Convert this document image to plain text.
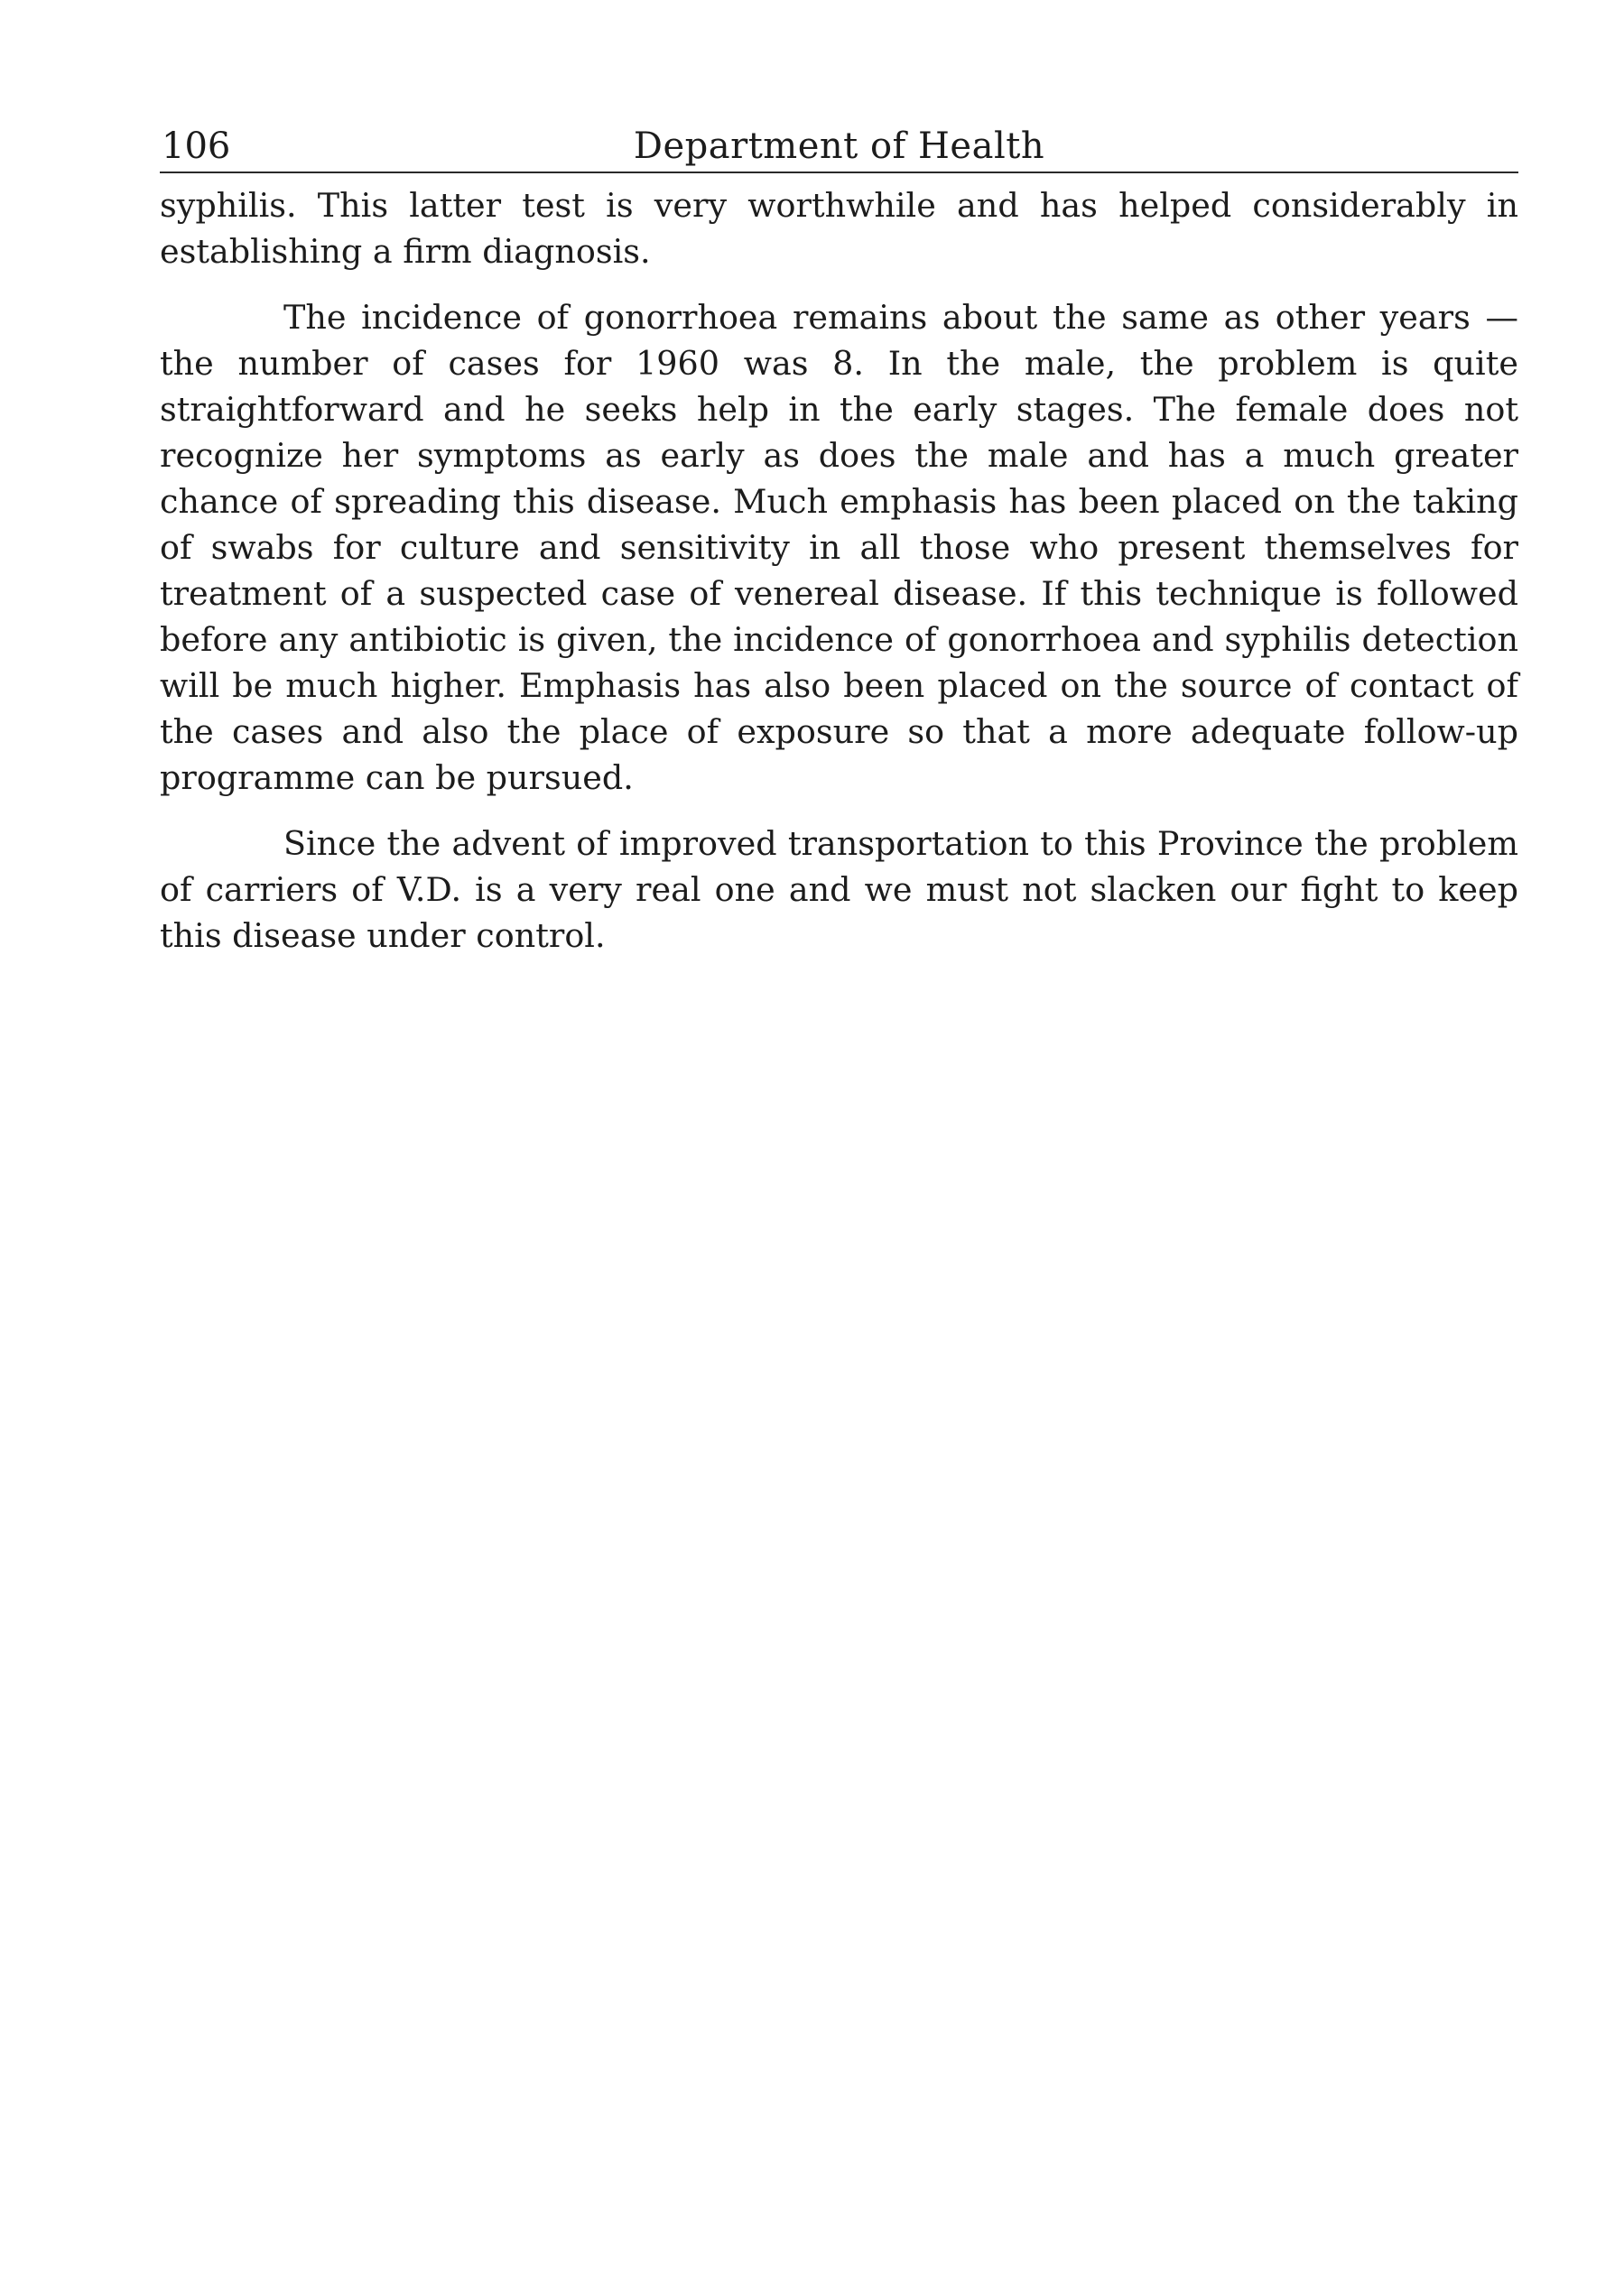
106	Department of Health

syphilis. This latter test is very worthwhile and has helped considerably in establishing a firm diagnosis.

The incidence of gonorrhoea remains about the same as other years — the number of cases for 1960 was 8. In the male, the problem is quite straightforward and he seeks help in the early stages. The female does not recognize her symptoms as early as does the male and has a much greater chance of spreading this disease. Much emphasis has been placed on the taking of swabs for culture and sensitivity in all those who present themselves for treatment of a suspected case of venereal disease. If this technique is followed before any antibiotic is given, the incidence of gonorrhoea and syphilis detection will be much higher. Emphasis has also been placed on the source of contact of the cases and also the place of exposure so that a more adequate follow-up programme can be pursued.

Since the advent of improved transportation to this Province the problem of carriers of V.D. is a very real one and we must not slacken our fight to keep this disease under control.
